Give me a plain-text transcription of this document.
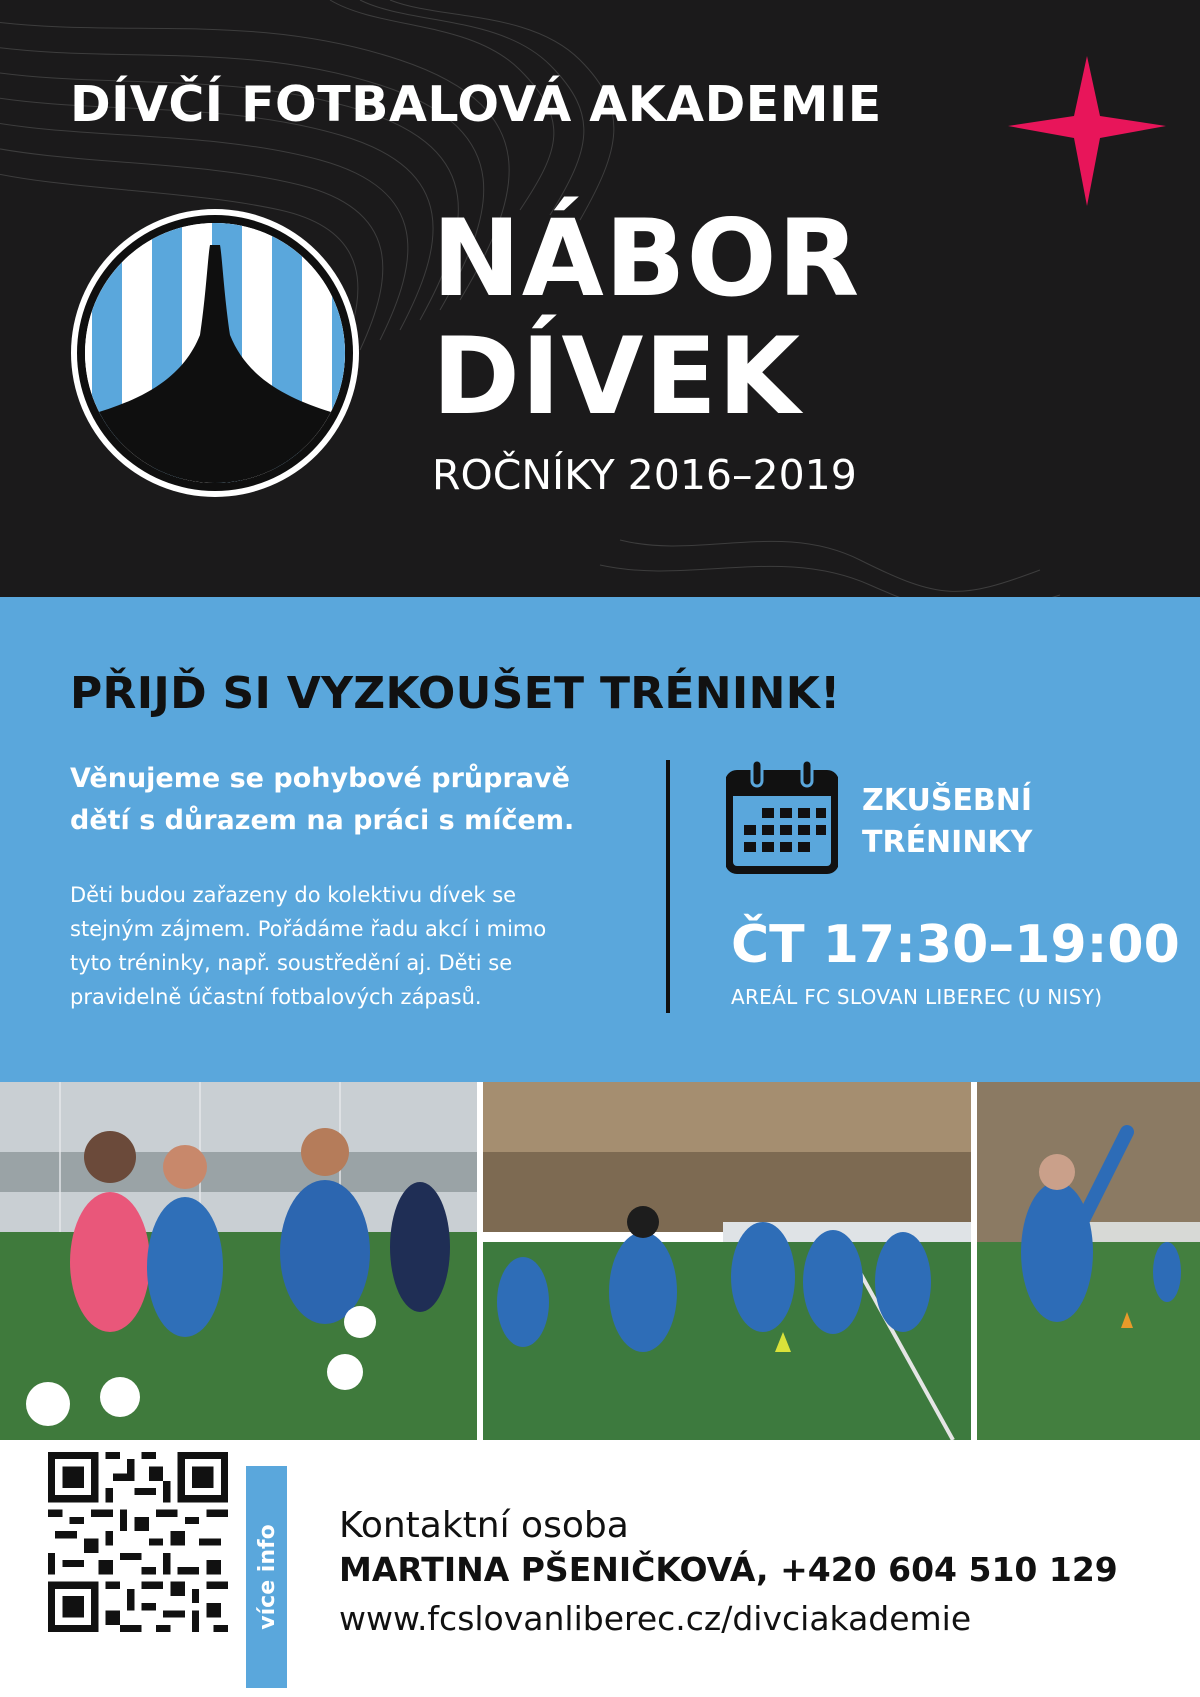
DÍVČÍ FOTBALOVÁ AKADEMIE
NÁBOR
DÍVEK
ROČNÍKY 2016–2019
PŘIJĎ SI VYZKOUŠET TRÉNINK!
Věnujeme se pohybové průpravě
dětí s důrazem na práci s míčem.
Děti budou zařazeny do kolektivu dívek se
stejným zájmem. Pořádáme řadu akcí i mimo
tyto tréninky, např. soustředění aj. Děti se
pravidelně účastní fotbalových zápasů.
ZKUŠEBNÍ
TRÉNINKY
ČT 17:30–19:00
AREÁL FC SLOVAN LIBEREC (U NISY)
více info Kontaktní osoba
MARTINA PŠENIČKOVÁ, +420 604 510 129
www.fcslovanliberec.cz/divciakademie
